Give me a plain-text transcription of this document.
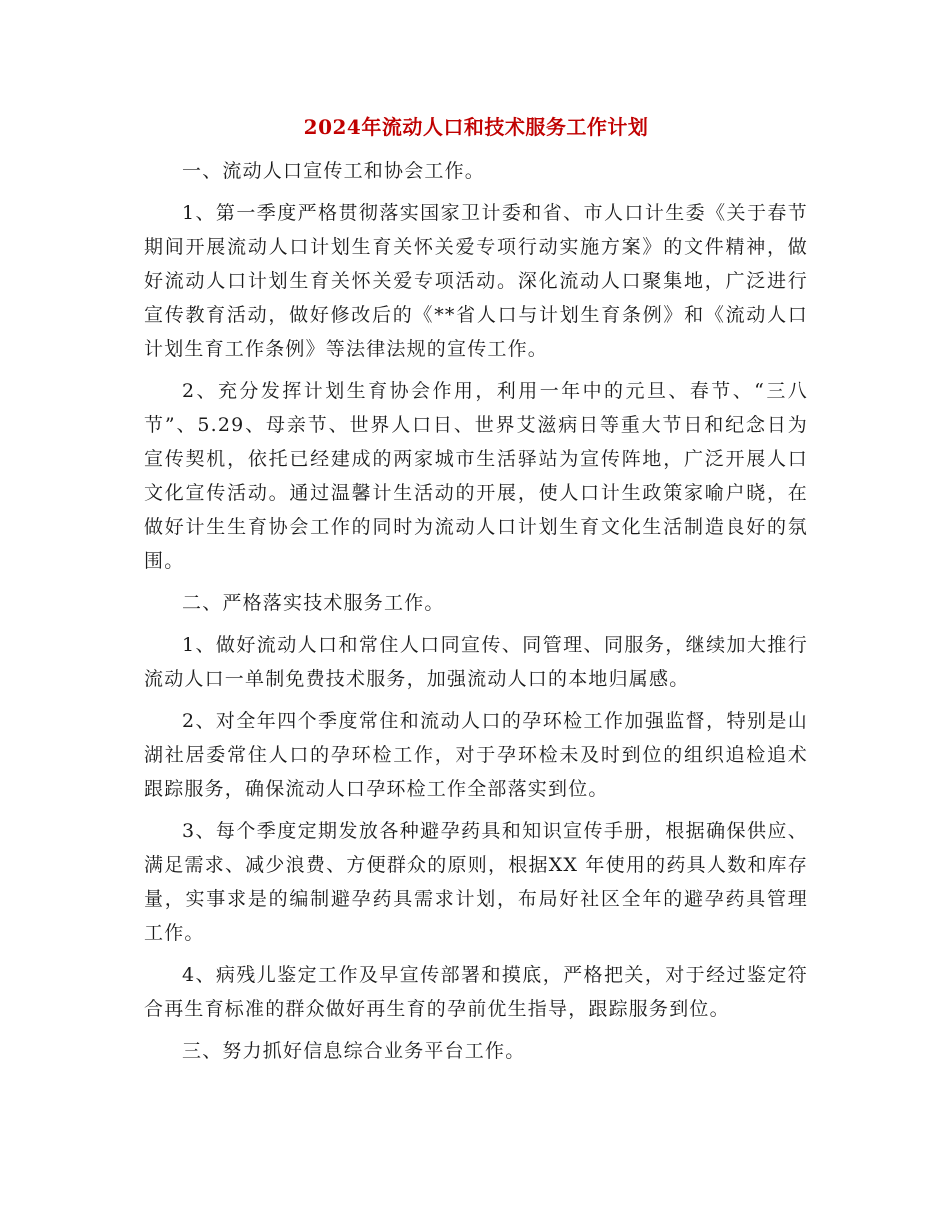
2024年流动人口和技术服务工作计划

一、流动人口宣传工和协会工作。

1、第一季度严格贯彻落实国家卫计委和省、市人口计生委《关于春节期间开展流动人口计划生育关怀关爱专项行动实施方案》的文件精神，做好流动人口计划生育关怀关爱专项活动。深化流动人口聚集地，广泛进行宣传教育活动，做好修改后的《**省人口与计划生育条例》和《流动人口计划生育工作条例》等法律法规的宣传工作。

2、充分发挥计划生育协会作用，利用一年中的元旦、春节、“三八节”、5.29、母亲节、世界人口日、世界艾滋病日等重大节日和纪念日为宣传契机，依托已经建成的两家城市生活驿站为宣传阵地，广泛开展人口文化宣传活动。通过温馨计生活动的开展，使人口计生政策家喻户晓，在做好计生生育协会工作的同时为流动人口计划生育文化生活制造良好的氛围。

二、严格落实技术服务工作。

1、做好流动人口和常住人口同宣传、同管理、同服务，继续加大推行流动人口一单制免费技术服务，加强流动人口的本地归属感。

2、对全年四个季度常住和流动人口的孕环检工作加强监督，特别是山湖社居委常住人口的孕环检工作，对于孕环检未及时到位的组织追检追术跟踪服务，确保流动人口孕环检工作全部落实到位。

3、每个季度定期发放各种避孕药具和知识宣传手册，根据确保供应、满足需求、减少浪费、方便群众的原则，根据XX 年使用的药具人数和库存量，实事求是的编制避孕药具需求计划，布局好社区全年的避孕药具管理工作。

4、病残儿鉴定工作及早宣传部署和摸底，严格把关，对于经过鉴定符合再生育标准的群众做好再生育的孕前优生指导，跟踪服务到位。

三、努力抓好信息综合业务平台工作。
